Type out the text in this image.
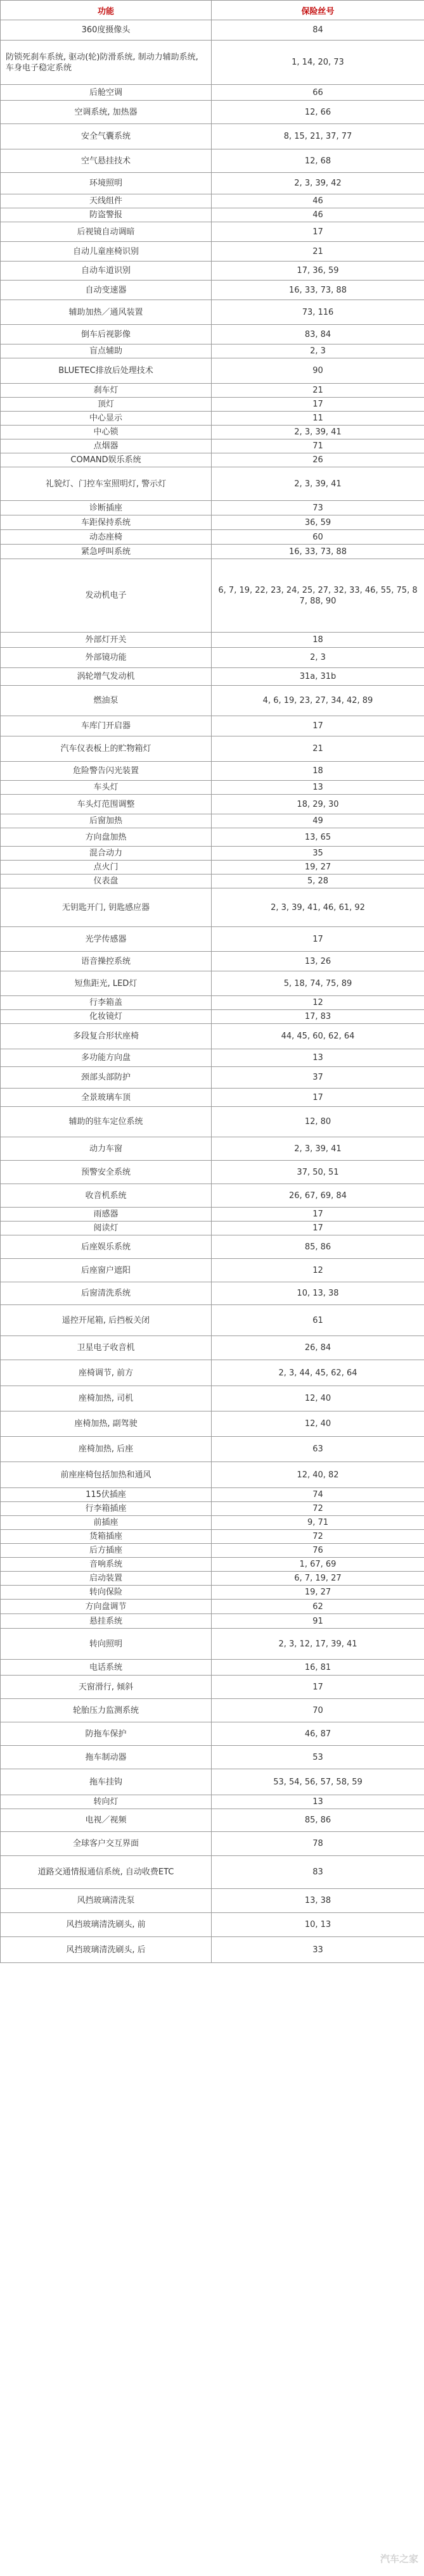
功能	保险丝号
360度摄像头	84
防锁死刹车系统, 驱动(轮)防滑系统, 制动力辅助系统, 车身电子稳定系统	1, 14, 20, 73
后舱空调	66
空调系统, 加热器	12, 66
安全气囊系统	8, 15, 21, 37, 77
空气悬挂技术	12, 68
环境照明	2, 3, 39, 42
天线组件	46
防盗警报	46
后视镜自动调暗	17
自动儿童座椅识别	21
自动车道识别	17, 36, 59
自动变速器	16, 33, 73, 88
辅助加热／通风装置	73, 116
倒车后视影像	83, 84
盲点辅助	2, 3
BLUETEC排放后处理技术	90
刹车灯	21
顶灯	17
中心显示	11
中心锁	2, 3, 39, 41
点烟器	71
COMAND娱乐系统	26
礼貌灯、门控车室照明灯, 警示灯	2, 3, 39, 41
诊断插座	73
车距保持系统	36, 59
动态座椅	60
紧急呼叫系统	16, 33, 73, 88
发动机电子	6, 7, 19, 22, 23, 24, 25, 27, 32, 33, 46, 55, 75, 87, 88, 90
外部灯开关	18
外部镜功能	2, 3
涡轮增气发动机	31a, 31b
燃油泵	4, 6, 19, 23, 27, 34, 42, 89
车库门开启器	17
汽车仪表板上的贮物箱灯	21
危险警告闪光装置	18
车头灯	13
车头灯范围调整	18, 29, 30
后窗加热	49
方向盘加热	13, 65
混合动力	35
点火门	19, 27
仪表盘	5, 28
无钥匙开门, 钥匙感应器	2, 3, 39, 41, 46, 61, 92
光学传感器	17
语音操控系统	13, 26
短焦距光, LED灯	5, 18, 74, 75, 89
行李箱盖	12
化妆镜灯	17, 83
多段复合形状座椅	44, 45, 60, 62, 64
多功能方向盘	13
颈部头部防护	37
全景玻璃车顶	17
辅助的驻车定位系统	12, 80
动力车窗	2, 3, 39, 41
预警安全系统	37, 50, 51
收音机系统	26, 67, 69, 84
雨感器	17
阅读灯	17
后座娱乐系统	85, 86
后座窗户遮阳	12
后窗清洗系统	10, 13, 38
遥控开尾箱, 后挡板关闭	61
卫星电子收音机	26, 84
座椅调节, 前方	2, 3, 44, 45, 62, 64
座椅加热, 司机	12, 40
座椅加热, 副驾驶	12, 40
座椅加热, 后座	63
前座座椅包括加热和通风	12, 40, 82
115伏插座	74
行李箱插座	72
前插座	9, 71
货箱插座	72
后方插座	76
音响系统	1, 67, 69
启动装置	6, 7, 19, 27
转向保险	19, 27
方向盘调节	62
悬挂系统	91
转向照明	2, 3, 12, 17, 39, 41
电话系统	16, 81
天窗滑行, 倾斜	17
轮胎压力监测系统	70
防拖车保护	46, 87
拖车制动器	53
拖车挂钩	53, 54, 56, 57, 58, 59
转向灯	13
电视／视频	85, 86
全球客户交互界面	78
道路交通情报通信系统, 自动收费ETC	83
风挡玻璃清洗泵	13, 38
风挡玻璃清洗刷头, 前	10, 13
风挡玻璃清洗刷头, 后	33
汽车之家
